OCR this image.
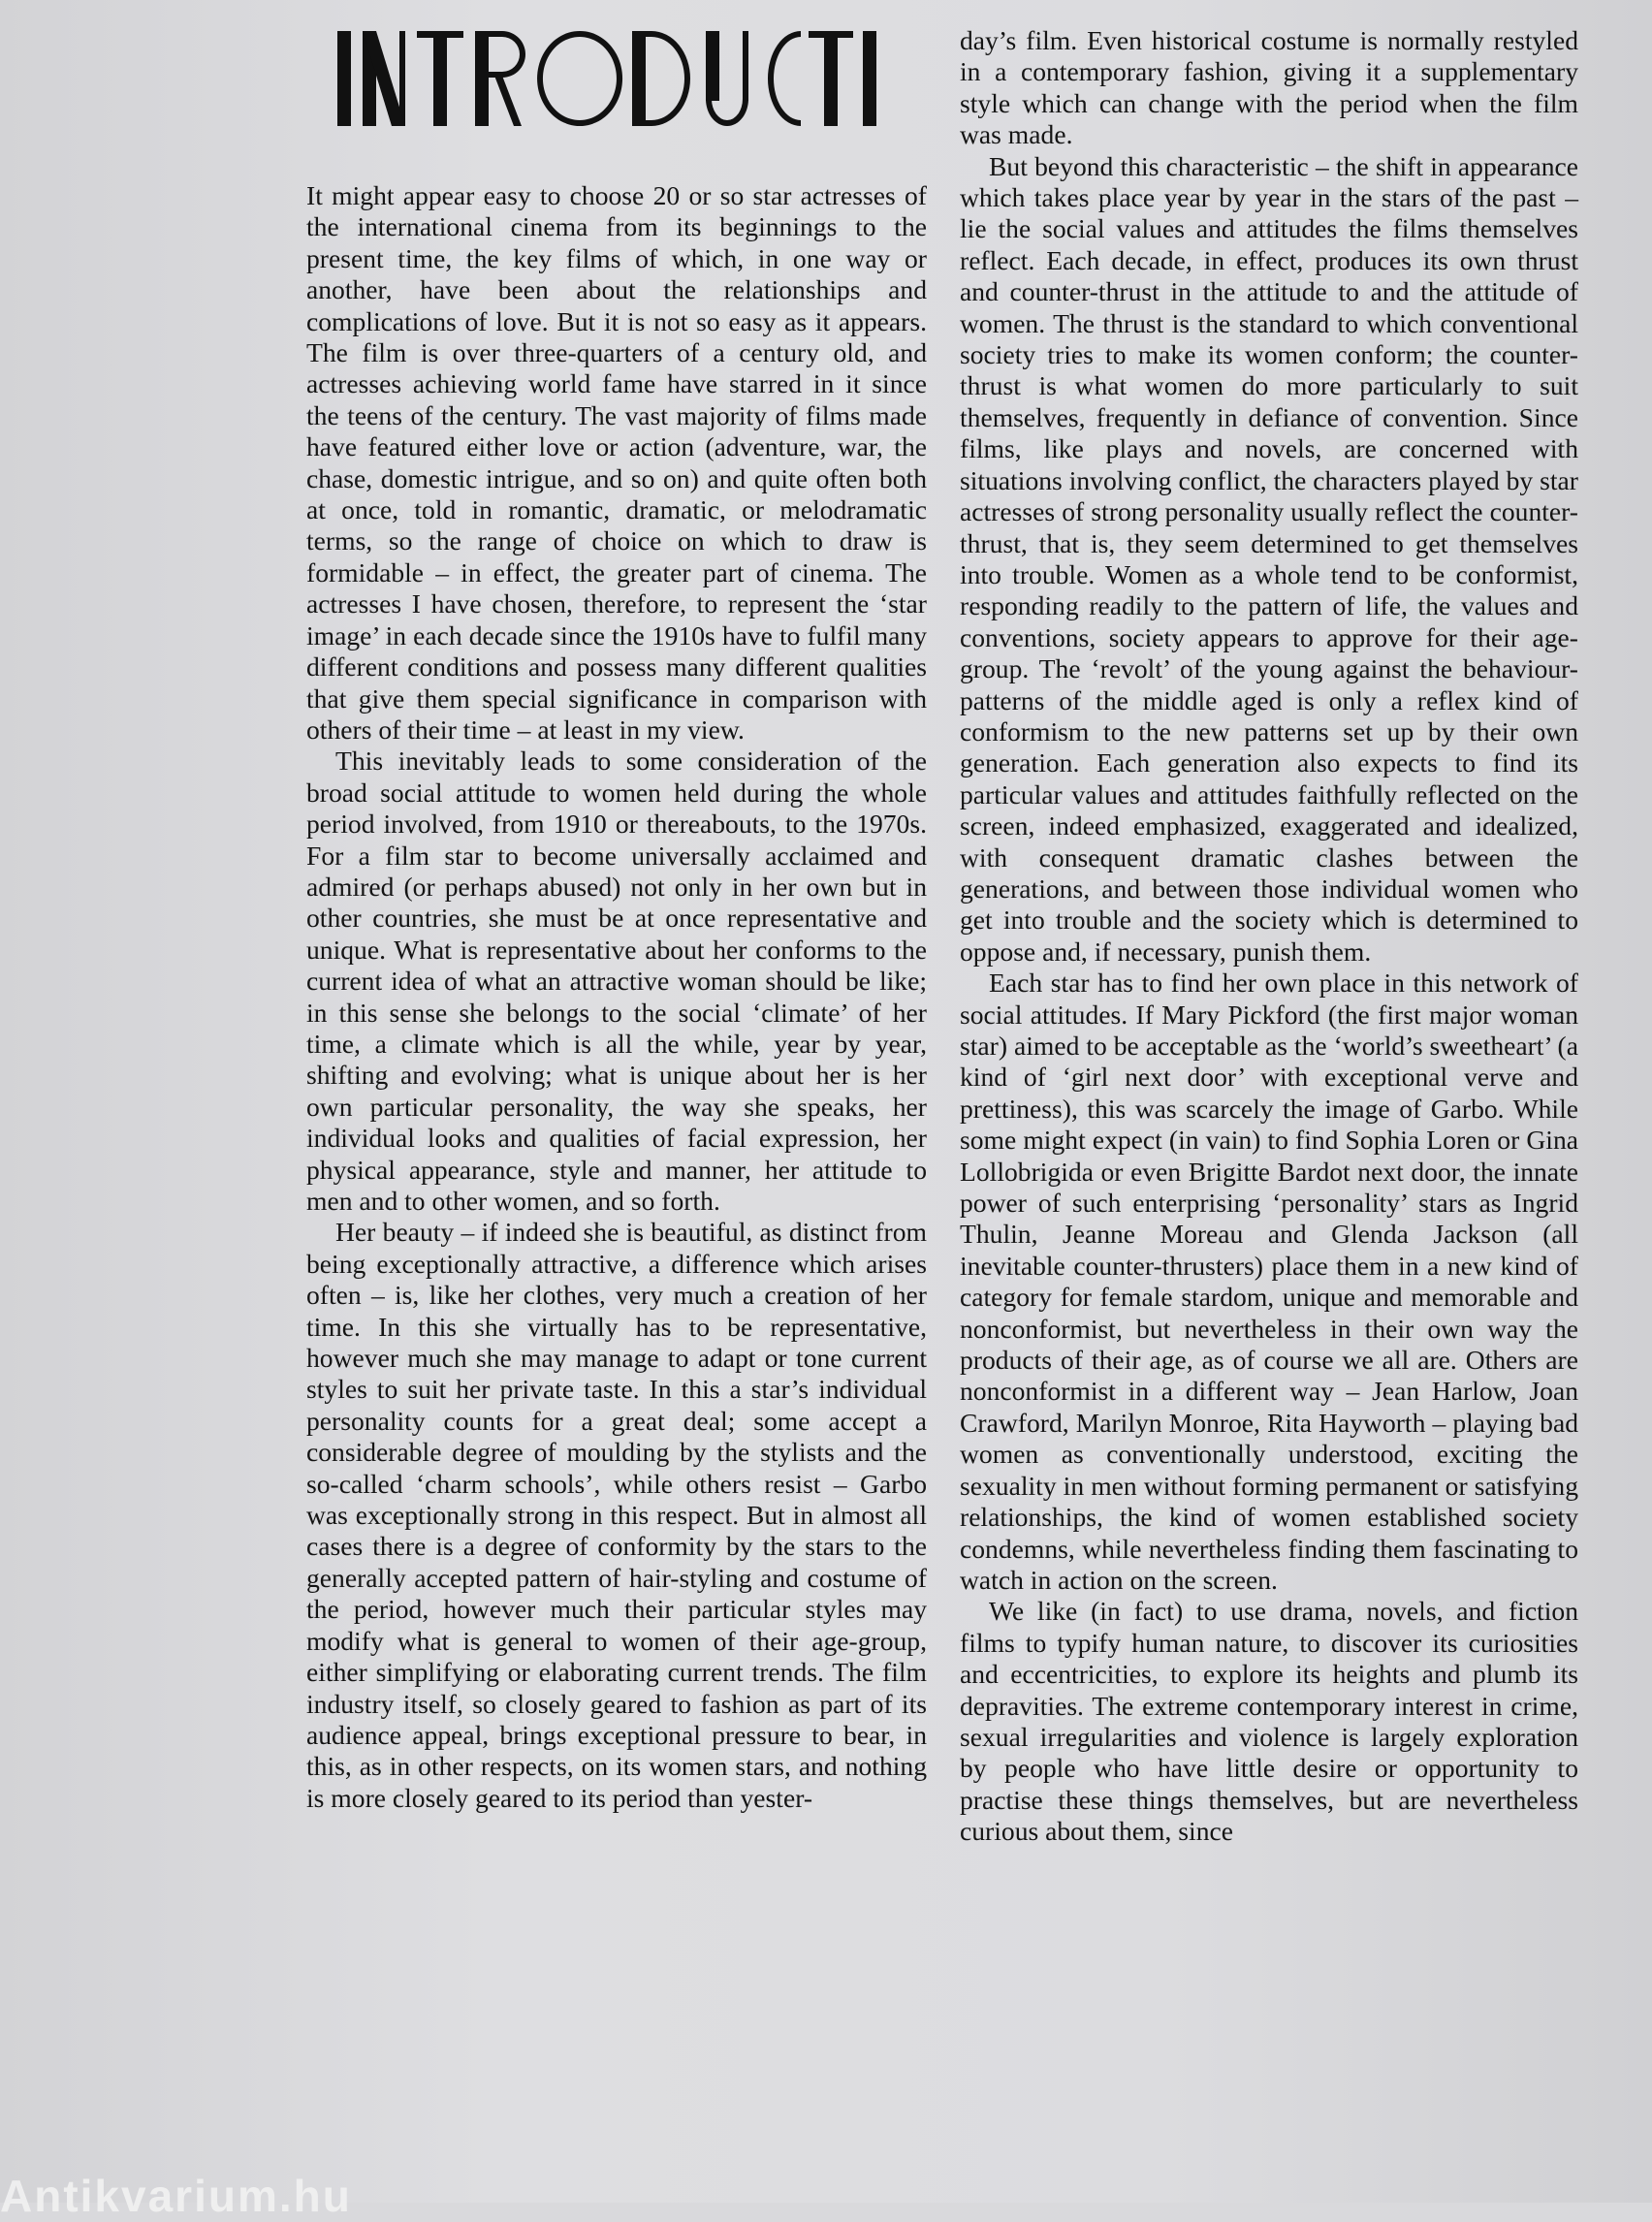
It might appear easy to choose 20 or so star actresses of the international cinema from its beginnings to the present time, the key films of which, in one way or another, have been about the relationships and complications of love. But it is not so easy as it appears. The film is over three-quarters of a century old, and actresses achieving world fame have starred in it since the teens of the century. The vast majority of films made have featured either love or action (adventure, war, the chase, domestic intrigue, and so on) and quite often both at once, told in romantic, dramatic, or melodramatic terms, so the range of choice on which to draw is formidable – in effect, the greater part of cinema. The actresses I have chosen, therefore, to represent the ‘star image’ in each decade since the 1910s have to fulfil many different conditions and possess many different qualities that give them special significance in comparison with others of their time – at least in my view.

This inevitably leads to some consideration of the broad social attitude to women held during the whole period involved, from 1910 or thereabouts, to the 1970s. For a film star to become universally acclaimed and admired (or perhaps abused) not only in her own but in other countries, she must be at once representative and unique. What is representative about her conforms to the current idea of what an attractive woman should be like; in this sense she belongs to the social ‘climate’ of her time, a climate which is all the while, year by year, shifting and evolving; what is unique about her is her own particular personality, the way she speaks, her individual looks and qualities of facial expression, her physical appearance, style and manner, her attitude to men and to other women, and so forth.

Her beauty – if indeed she is beautiful, as distinct from being exceptionally attractive, a difference which arises often – is, like her clothes, very much a creation of her time. In this she virtually has to be representative, however much she may manage to adapt or tone current styles to suit her private taste. In this a star’s individual personality counts for a great deal; some accept a considerable degree of moulding by the stylists and the so-called ‘charm schools’, while others resist – Garbo was exceptionally strong in this respect. But in almost all cases there is a degree of conformity by the stars to the generally accepted pattern of hair-styling and costume of the period, however much their particular styles may modify what is general to women of their age-group, either simplifying or elaborating current trends. The film industry itself, so closely geared to fashion as part of its audience appeal, brings exceptional pressure to bear, in this, as in other respects, on its women stars, and nothing is more closely geared to its period than yester-

day’s film. Even historical costume is normally restyled in a contemporary fashion, giving it a supplementary style which can change with the period when the film was made.

But beyond this characteristic – the shift in appearance which takes place year by year in the stars of the past – lie the social values and attitudes the films themselves reflect. Each decade, in effect, produces its own thrust and counter-thrust in the attitude to and the attitude of women. The thrust is the standard to which conventional society tries to make its women conform; the counter-thrust is what women do more particularly to suit themselves, frequently in defiance of convention. Since films, like plays and novels, are concerned with situations involving conflict, the characters played by star actresses of strong personality usually reflect the counter-thrust, that is, they seem determined to get themselves into trouble. Women as a whole tend to be conformist, responding readily to the pattern of life, the values and conventions, society appears to approve for their age-group. The ‘revolt’ of the young against the behaviour-patterns of the middle aged is only a reflex kind of conformism to the new patterns set up by their own generation. Each generation also expects to find its particular values and attitudes faithfully reflected on the screen, indeed emphasized, exaggerated and idealized, with consequent dramatic clashes between the generations, and between those individual women who get into trouble and the society which is determined to oppose and, if necessary, punish them.

Each star has to find her own place in this network of social attitudes. If Mary Pickford (the first major woman star) aimed to be acceptable as the ‘world’s sweetheart’ (a kind of ‘girl next door’ with exceptional verve and prettiness), this was scarcely the image of Garbo. While some might expect (in vain) to find Sophia Loren or Gina Lollobrigida or even Brigitte Bardot next door, the innate power of such enterprising ‘personality’ stars as Ingrid Thulin, Jeanne Moreau and Glenda Jackson (all inevitable counter-thrusters) place them in a new kind of category for female stardom, unique and memorable and nonconformist, but nevertheless in their own way the products of their age, as of course we all are. Others are nonconformist in a different way – Jean Harlow, Joan Crawford, Marilyn Monroe, Rita Hayworth – playing bad women as conventionally understood, exciting the sexuality in men without forming permanent or satisfying relationships, the kind of women established society condemns, while nevertheless finding them fascinating to watch in action on the screen.

We like (in fact) to use drama, novels, and fiction films to typify human nature, to discover its curiosities and eccentricities, to explore its heights and plumb its depravities. The extreme contemporary interest in crime, sexual irregularities and violence is largely exploration by people who have little desire or opportunity to practise these things themselves, but are nevertheless curious about them, since

Antikvarium.hu
